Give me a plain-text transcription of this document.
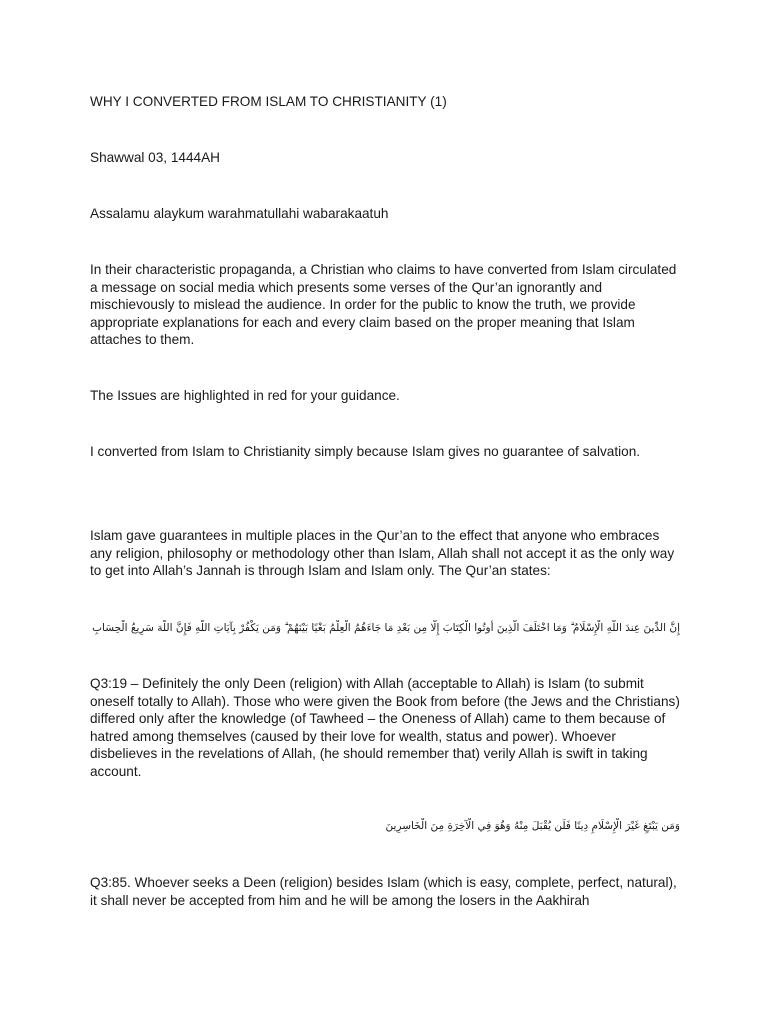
WHY I CONVERTED FROM ISLAM TO CHRISTIANITY (1)
Shawwal 03, 1444AH
Assalamu alaykum warahmatullahi wabarakaatuh
In their characteristic propaganda, a Christian who claims to have converted from Islam circulated a message on social media which presents some verses of the Qur’an ignorantly and mischievously to mislead the audience. In order for the public to know the truth, we provide appropriate explanations for each and every claim based on the proper meaning that Islam attaches to them.
The Issues are highlighted in red for your guidance.
I converted from Islam to Christianity simply because Islam gives no guarantee of salvation.
Islam gave guarantees in multiple places in the Qur’an to the effect that anyone who embraces any religion, philosophy or methodology other than Islam, Allah shall not accept it as the only way to get into Allah’s Jannah is through Islam and Islam only. The Qur’an states:
إِنَّ الدِّينَ عِندَ اللَّهِ الْإِسْلَامُ ۗ وَمَا اخْتَلَفَ الَّذِينَ أُوتُوا الْكِتَابَ إِلَّا مِن بَعْدِ مَا جَاءَهُمُ الْعِلْمُ بَغْيًا بَيْنَهُمْ ۗ وَمَن يَكْفُرْ بِآيَاتِ اللَّهِ فَإِنَّ اللَّهَ سَرِيعُ الْحِسَابِ
Q3:19 – Definitely the only Deen (religion) with Allah (acceptable to Allah) is Islam (to submit oneself totally to Allah). Those who were given the Book from before (the Jews and the Christians) differed only after the knowledge (of Tawheed – the Oneness of Allah) came to them because of hatred among themselves (caused by their love for wealth, status and power). Whoever disbelieves in the revelations of Allah, (he should remember that) verily Allah is swift in taking account.
وَمَن يَبْتَغِ غَيْرَ الْإِسْلَامِ دِينًا فَلَن يُقْبَلَ مِنْهُ وَهُوَ فِي الْآخِرَةِ مِنَ الْخَاسِرِينَ
Q3:85. Whoever seeks a Deen (religion) besides Islam (which is easy, complete, perfect, natural), it shall never be accepted from him and he will be among the losers in the Aakhirah
